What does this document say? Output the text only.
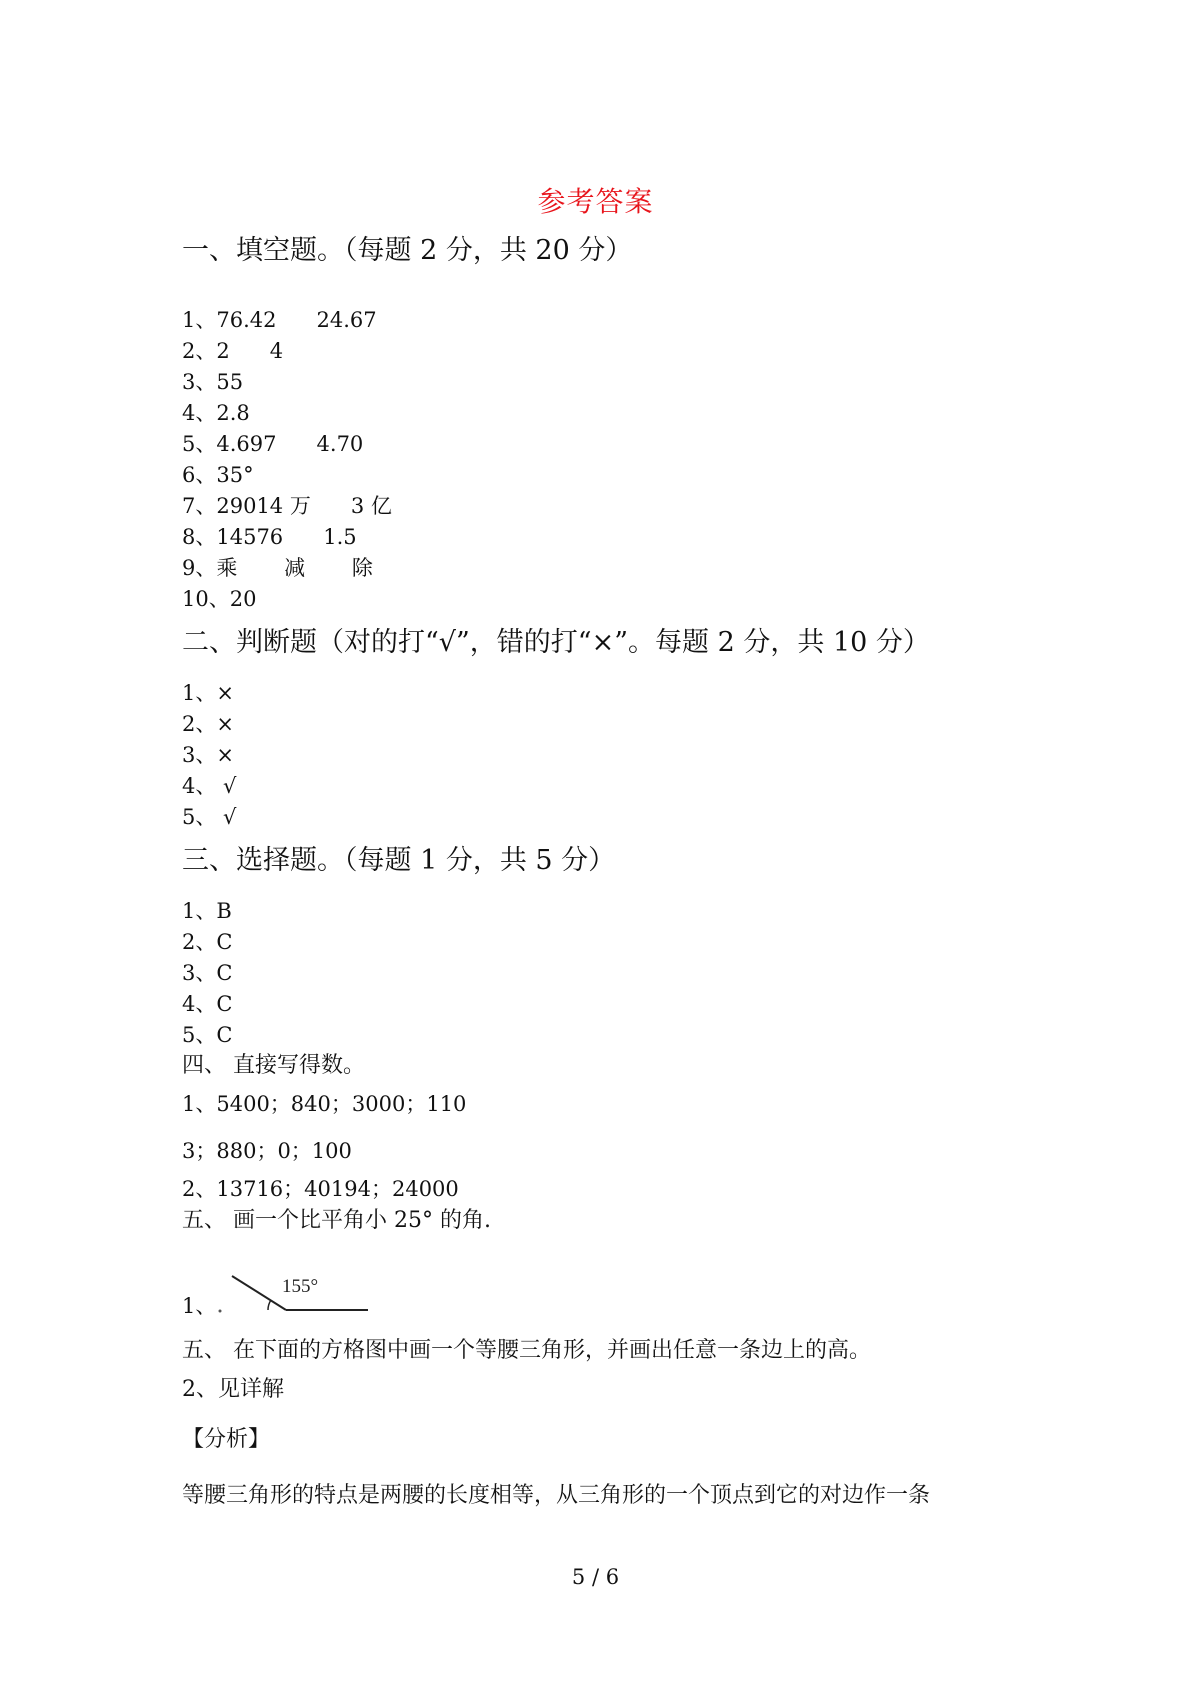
参考答案
一、填空题。（每题 2 分，共 20 分）
1、76.42      24.67
2、2      4
3、55
4、2.8
5、4.697      4.70
6、35°
7、29014 万      3 亿
8、14576      1.5
9、乘       减       除
10、20
二、判断题（对的打“√”，错的打“×”。每题 2 分，共 10 分）
1、×
2、×
3、×
4、 √
5、 √
三、选择题。（每题 1 分，共 5 分）
1、B
2、C
3、C
4、C
5、C
四、 直接写得数。
1、5400；840；3000；110
3；880；0；100
2、13716；40194；24000
五、 画一个比平角小 25° 的角.
1、
155°
五、 在下面的方格图中画一个等腰三角形，并画出任意一条边上的高。
2、见详解
【分析】
等腰三角形的特点是两腰的长度相等，从三角形的一个顶点到它的对边作一条
5 / 6
